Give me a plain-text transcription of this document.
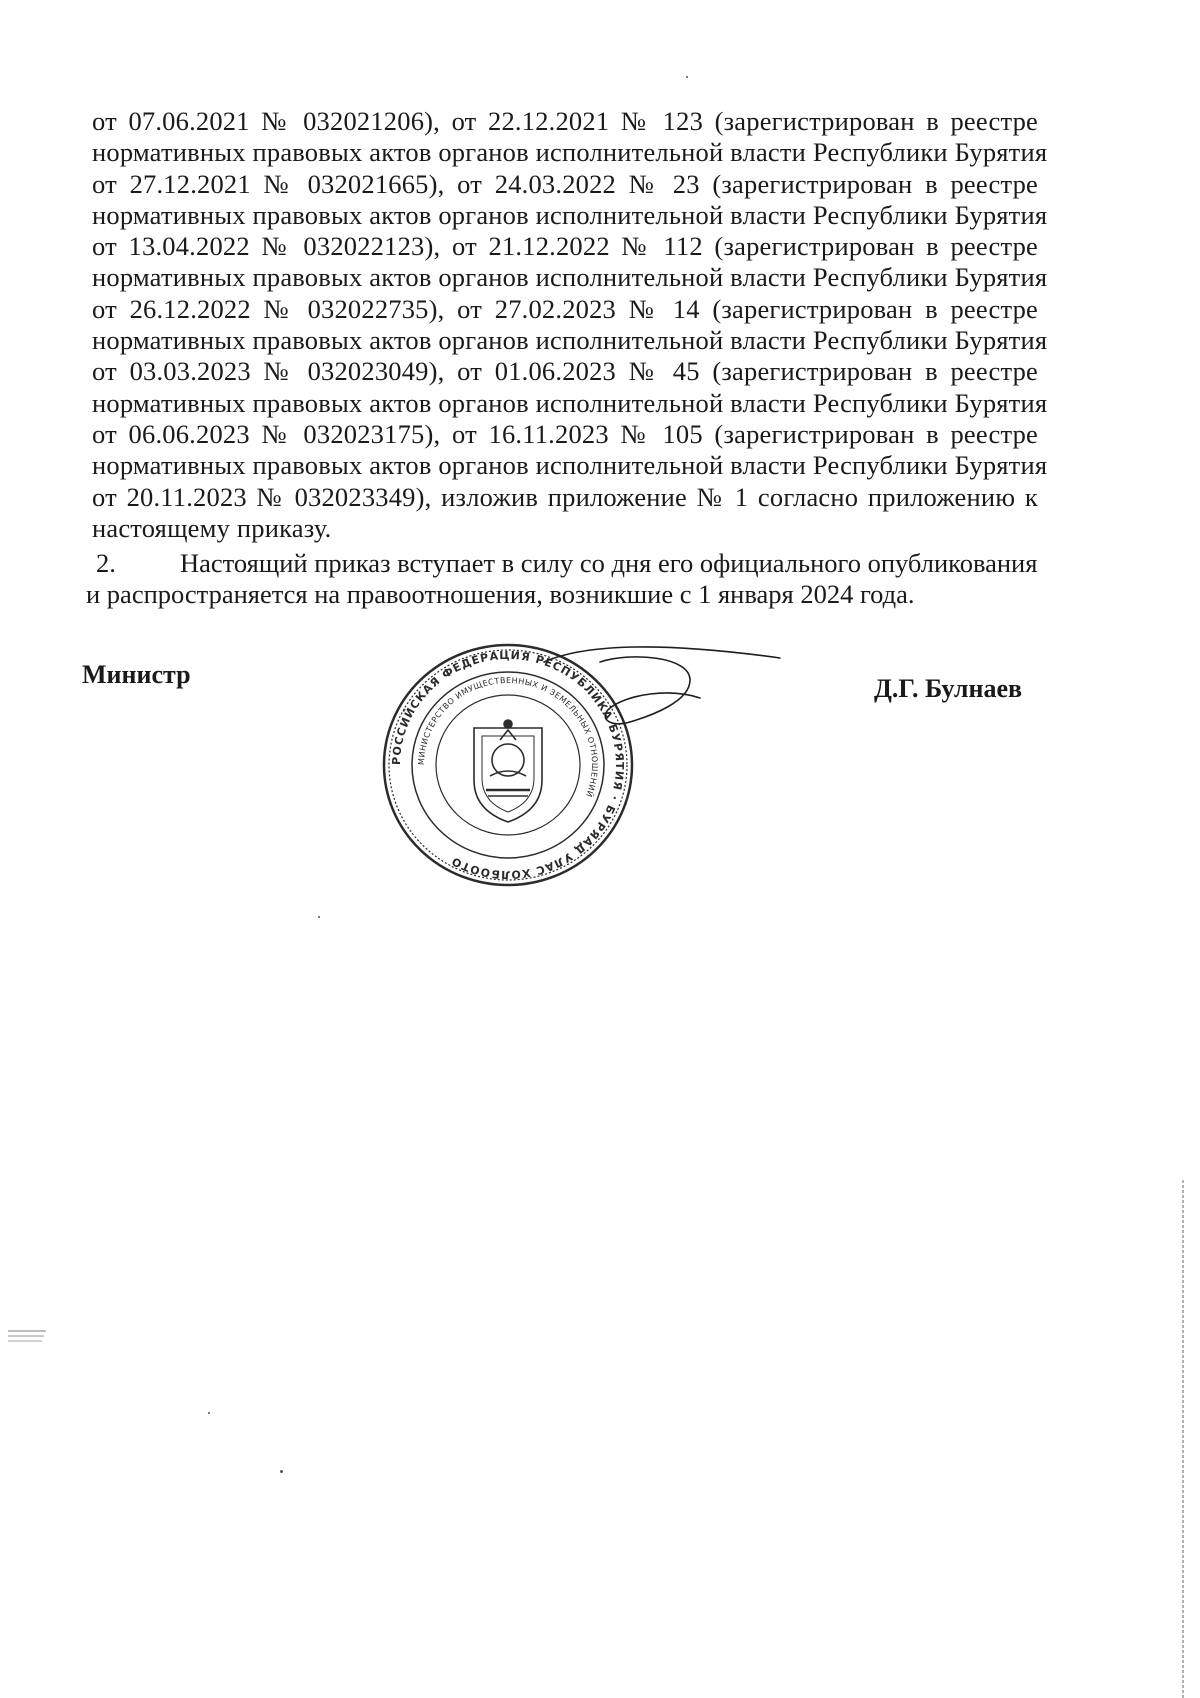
от 07.06.2021 № 032021206), от 22.12.2021 № 123 (зарегистрирован в реестре
нормативных правовых актов органов исполнительной власти Республики Бурятия
от 27.12.2021 № 032021665), от 24.03.2022 № 23 (зарегистрирован в реестре
нормативных правовых актов органов исполнительной власти Республики Бурятия
от 13.04.2022 № 032022123), от 21.12.2022 № 112 (зарегистрирован в реестре
нормативных правовых актов органов исполнительной власти Республики Бурятия
от 26.12.2022 № 032022735), от 27.02.2023 № 14 (зарегистрирован в реестре
нормативных правовых актов органов исполнительной власти Республики Бурятия
от 03.03.2023 № 032023049), от 01.06.2023 № 45 (зарегистрирован в реестре
нормативных правовых актов органов исполнительной власти Республики Бурятия
от 06.06.2023 № 032023175), от 16.11.2023 № 105 (зарегистрирован в реестре
нормативных правовых актов органов исполнительной власти Республики Бурятия
от 20.11.2023 № 032023349), изложив приложение № 1 согласно приложению к
настоящему приказу.
2. Настоящий приказ вступает в силу со дня его официального опубликования
и распространяется на правоотношения, возникшие с 1 января 2024 года.
Министр
РОССИЙСКАЯ ФЕДЕРАЦИЯ РЕСПУБЛИКА БУРЯТИЯ · БУРЯАД УЛАС ХОЛБООТО
МИНИСТЕРСТВО ИМУЩЕСТВЕННЫХ И ЗЕМЕЛЬНЫХ ОТНОШЕНИЙ
Д.Г. Булнаев
